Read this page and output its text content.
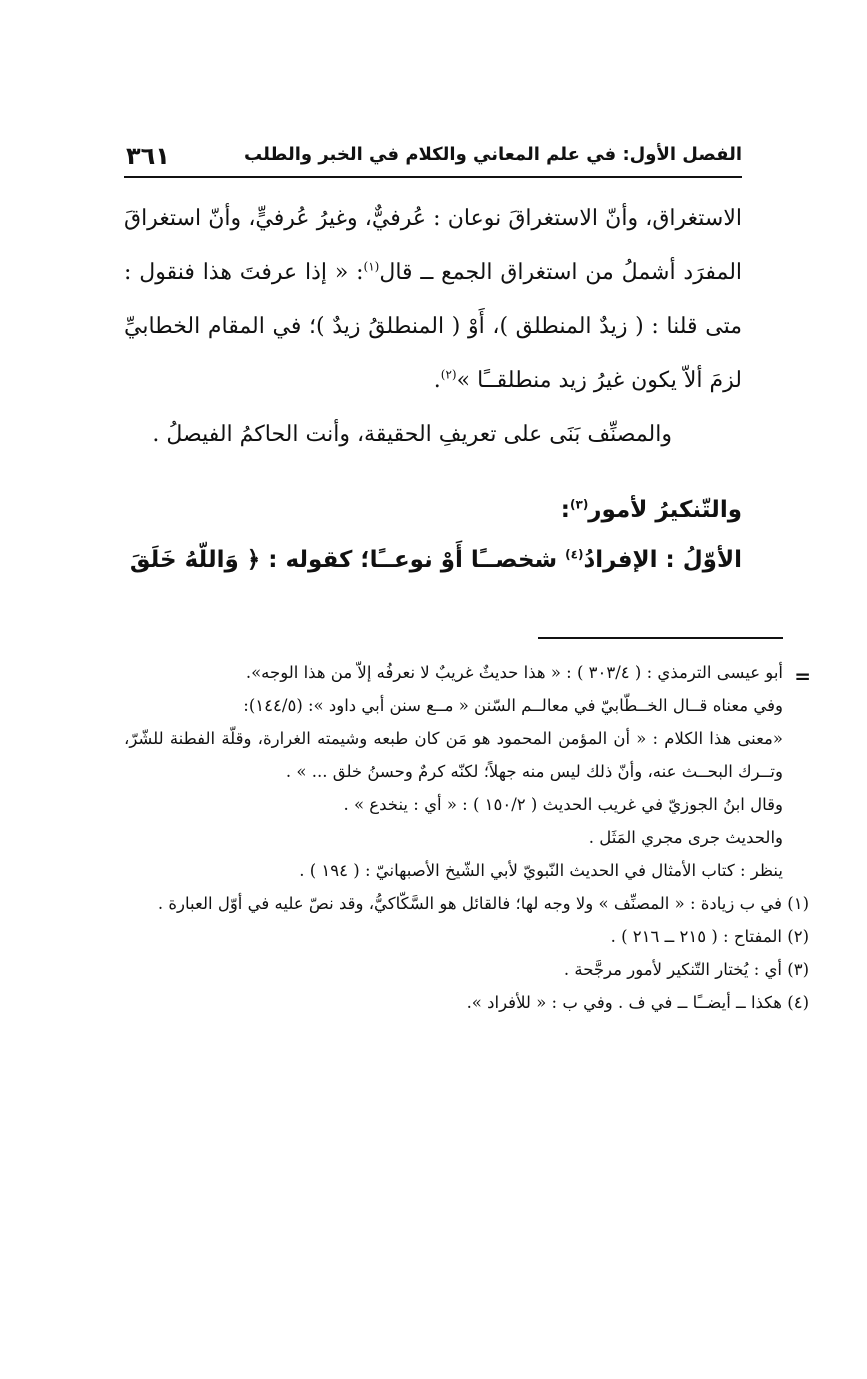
الفصل الأول: في علم المعاني والكلام في الخبر والطلب
٣٦١

الاستغراق، وأنّ الاستغراقَ نوعان : عُرفيٌّ، وغيرُ عُرفيٍّ، وأنّ استغراقَ المفرَد أشملُ من استغراق الجمع ــ قال$^{(١)}$: « إذا عرفتَ هذا فنقول : متى قلنا : ( زيدٌ المنطلق )، أَوْ ( المنطلقُ زيدٌ )؛ في المقام الخطابيِّ لزمَ ألاّ يكون غيرُ زيد منطلقــًا »$^{(٢)}$.

والمصنِّف بَنَى على تعريفِ الحقيقة، وأنت الحاكمُ الفيصلُ .

والتّنكيرُ لأمور$^{(٣)}$:
الأوّلُ : الإفرادُ$^{(٤)}$ شخصــًا أَوْ نوعــًا؛ كقوله : ﴿ وَاللّهُ خَلَقَ
=

أبو عيسى الترمذي : ( ٣٠٣/٤ ) : « هذا حديثٌ غريبٌ لا نعرفُه إلاّ من هذا الوجه».

وفي معناه قــال الخــطّابيّ في معالــم السّنن « مــع سنن أبي داود »: (١٤٤/٥):

«معنى هذا الكلام : « أن المؤمن المحمود هو مَن كان طبعه وشيمته الغرارة، وقلّة الفطنة للشّرّ، وتــرك البحــث عنه، وأنّ ذلك ليس منه جهلاً؛ لكنّه كرمٌ وحسنُ خلق ... » .

وقال ابنُ الجوزيّ في غريب الحديث ( ١٥٠/٢ ) : « أي : ينخدع » .

والحديث جرى مجري المَثَل .

ينظر : كتاب الأمثال في الحديث النّبويّ لأبي الشّيخ الأصبهانيّ : ( ١٩٤ ) .

(١) في ب زيادة : « المصنِّف » ولا وجه لها؛ فالقائل هو السَّكّاكيُّ، وقد نصّ عليه في أوّل العبارة .

(٢) المفتاح : ( ٢١٥ ــ ٢١٦ ) .

(٣) أي : يُختار التّنكير لأمور مرجَّحة .

(٤) هكذا ــ أيضــًا ــ في ف . وفي ب : « للأفراد ».
